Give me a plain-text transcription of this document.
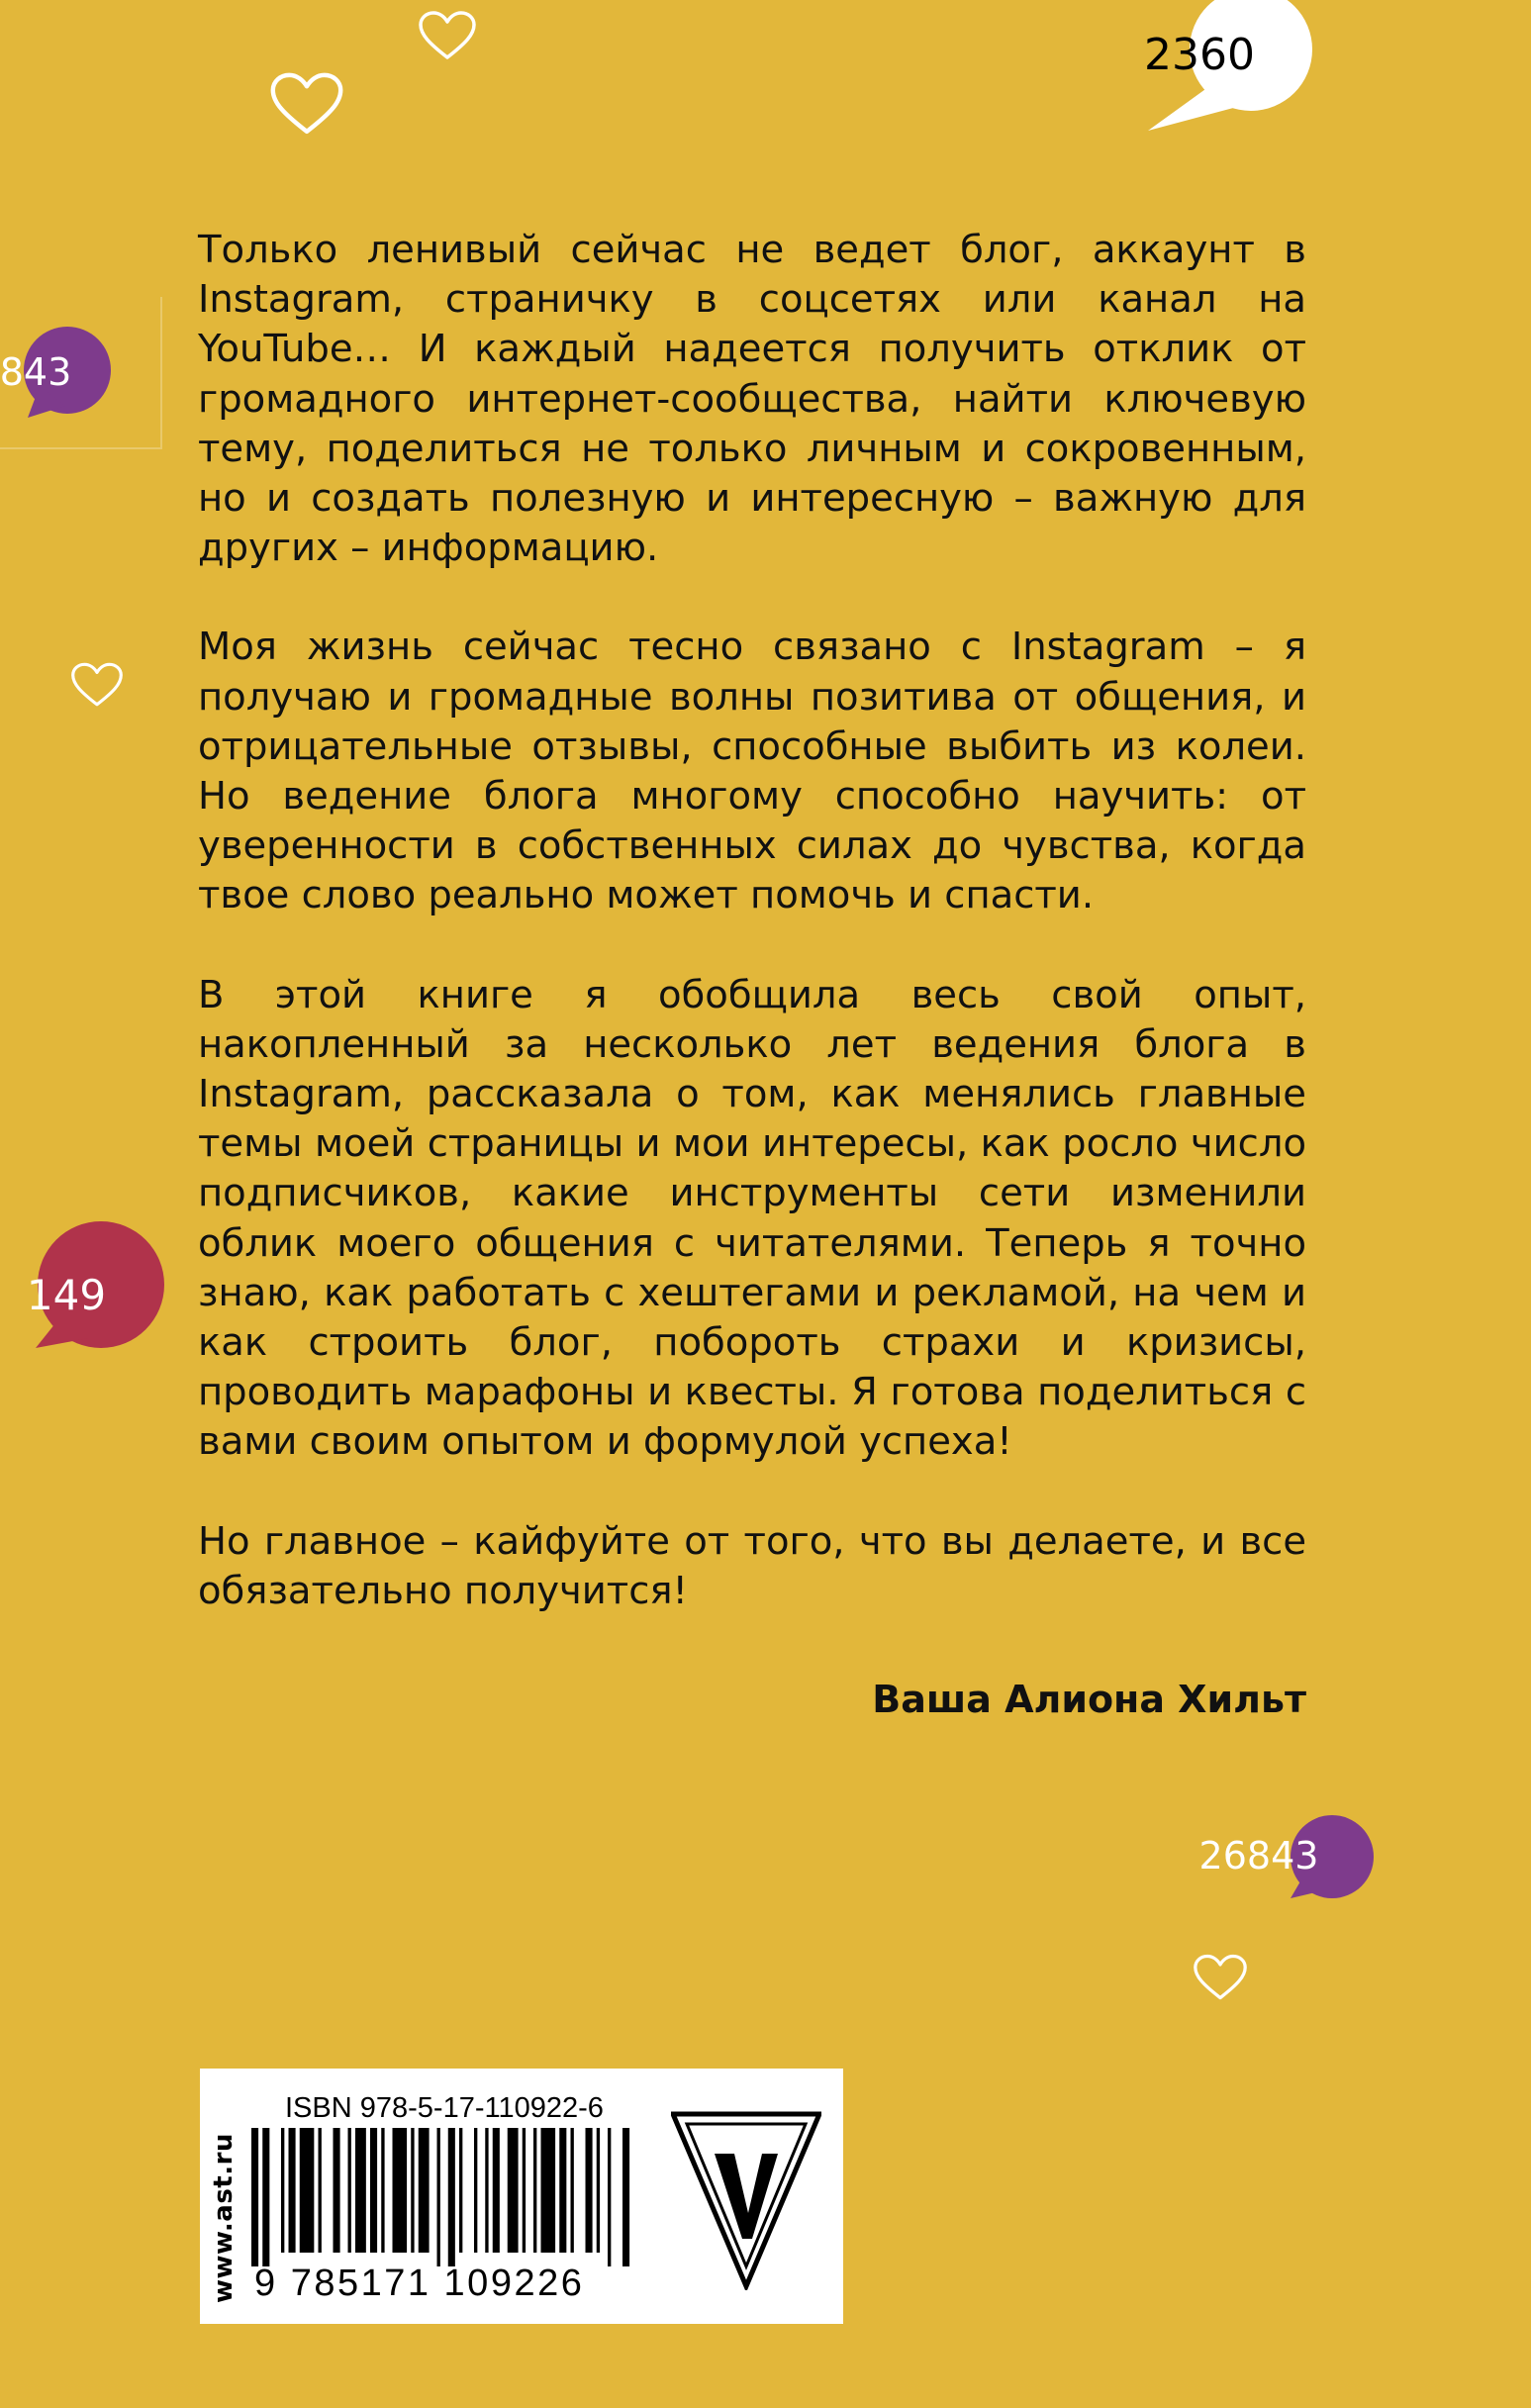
2360
843
149
26843

Только ленивый сейчас не ведет блог, аккаунт в Instagram, страничку в соцсетях или канал на YouTube… И каждый надеется получить отклик от громадного интернет-сообщества, найти ключевую тему, поделиться не только личным и сокровенным, но и создать полезную и интересную – важную для других – информацию.

Моя жизнь сейчас тесно связано с Instagram – я получаю и громадные волны позитива от общения, и отрицательные отзывы, способные выбить из колеи. Но ведение блога многому способно научить: от уверенности в собственных силах до чувства, когда твое слово реально может помочь и спасти.

В этой книге я обобщила весь свой опыт, накопленный за несколько лет ведения блога в Instagram, рассказала о том, как менялись главные темы моей страницы и мои интересы, как росло число подписчиков, какие инструменты сети изменили облик моего общения с читателями. Теперь я точно знаю, как работать с хештегами и рекламой, на чем и как строить блог, побороть страхи и кризисы, проводить марафоны и квесты. Я готова поделиться с вами своим опытом и формулой успеха!

Но главное – кайфуйте от того, что вы делаете, и все обязательно получится!

Ваша Алиона Хильт
www.ast.ru
ISBN 978-5-17-110922-6
9 785171 109226
